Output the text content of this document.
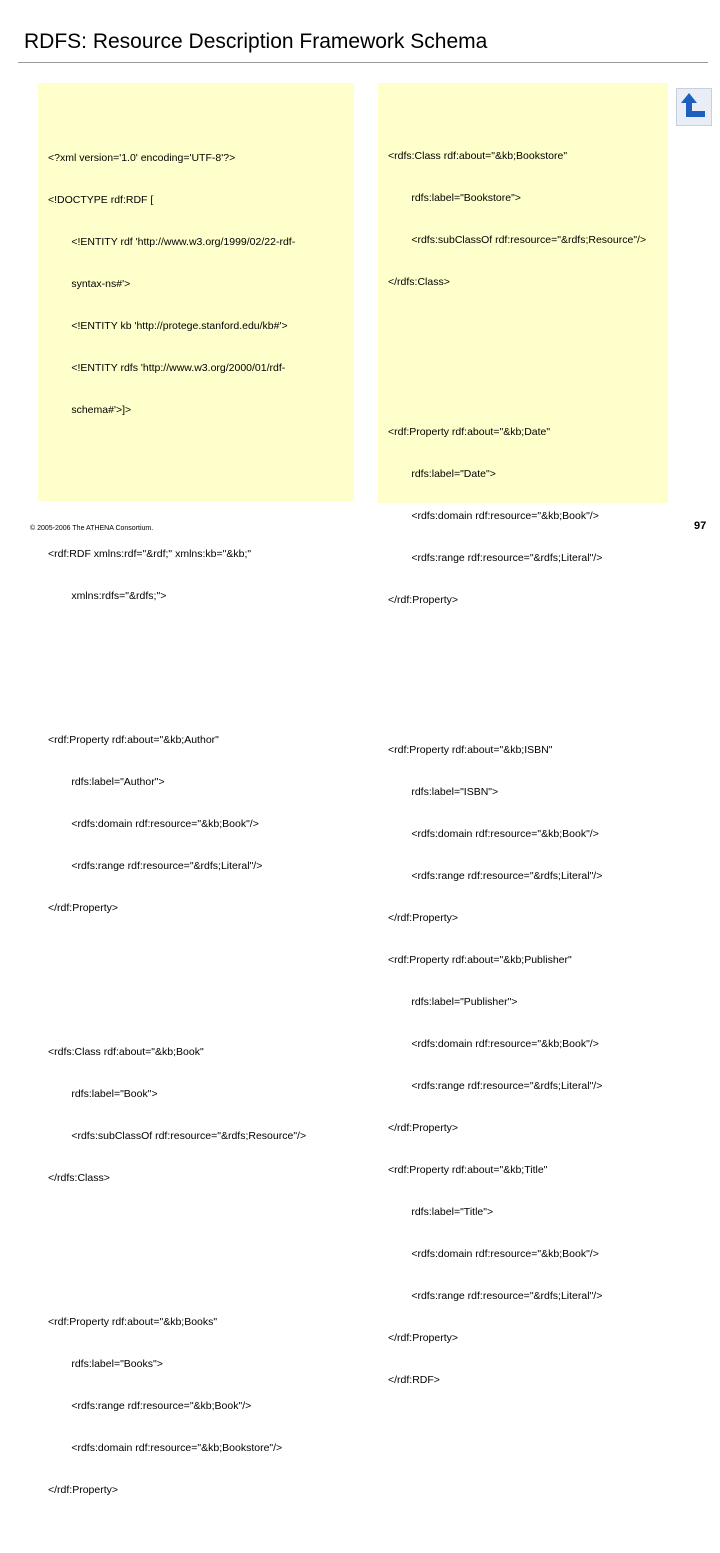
RDFS: Resource Description Framework Schema

<?xml version='1.0' encoding='UTF-8'?>

<!DOCTYPE rdf:RDF [

<!ENTITY rdf 'http://www.w3.org/1999/02/22-rdf-

syntax-ns#'>

<!ENTITY kb 'http://protege.stanford.edu/kb#'>

<!ENTITY rdfs 'http://www.w3.org/2000/01/rdf-

schema#'>]>

<rdf:RDF xmlns:rdf="&rdf;" xmlns:kb="&kb;"

xmlns:rdfs="&rdfs;">

<rdf:Property rdf:about="&kb;Author"

rdfs:label="Author">

<rdfs:domain rdf:resource="&kb;Book"/>

<rdfs:range rdf:resource="&rdfs;Literal"/>

</rdf:Property>

<rdfs:Class rdf:about="&kb;Book"

rdfs:label="Book">

<rdfs:subClassOf rdf:resource="&rdfs;Resource"/>

</rdfs:Class>

<rdf:Property rdf:about="&kb;Books"

rdfs:label="Books">

<rdfs:range rdf:resource="&kb;Book"/>

<rdfs:domain rdf:resource="&kb;Bookstore"/>

</rdf:Property>

<rdfs:Class rdf:about="&kb;Bookstore"

rdfs:label="Bookstore">

<rdfs:subClassOf rdf:resource="&rdfs;Resource"/>

</rdfs:Class>

<rdf:Property rdf:about="&kb;Date"

rdfs:label="Date">

<rdfs:domain rdf:resource="&kb;Book"/>

<rdfs:range rdf:resource="&rdfs;Literal"/>

</rdf:Property>

<rdf:Property rdf:about="&kb;ISBN"

rdfs:label="ISBN">

<rdfs:domain rdf:resource="&kb;Book"/>

<rdfs:range rdf:resource="&rdfs;Literal"/>

</rdf:Property>

<rdf:Property rdf:about="&kb;Publisher"

rdfs:label="Publisher">

<rdfs:domain rdf:resource="&kb;Book"/>

<rdfs:range rdf:resource="&rdfs;Literal"/>

</rdf:Property>

<rdf:Property rdf:about="&kb;Title"

rdfs:label="Title">

<rdfs:domain rdf:resource="&kb;Book"/>

<rdfs:range rdf:resource="&rdfs;Literal"/>

</rdf:Property>

</rdf:RDF>

© 2005-2006 The ATHENA Consortium.	97
